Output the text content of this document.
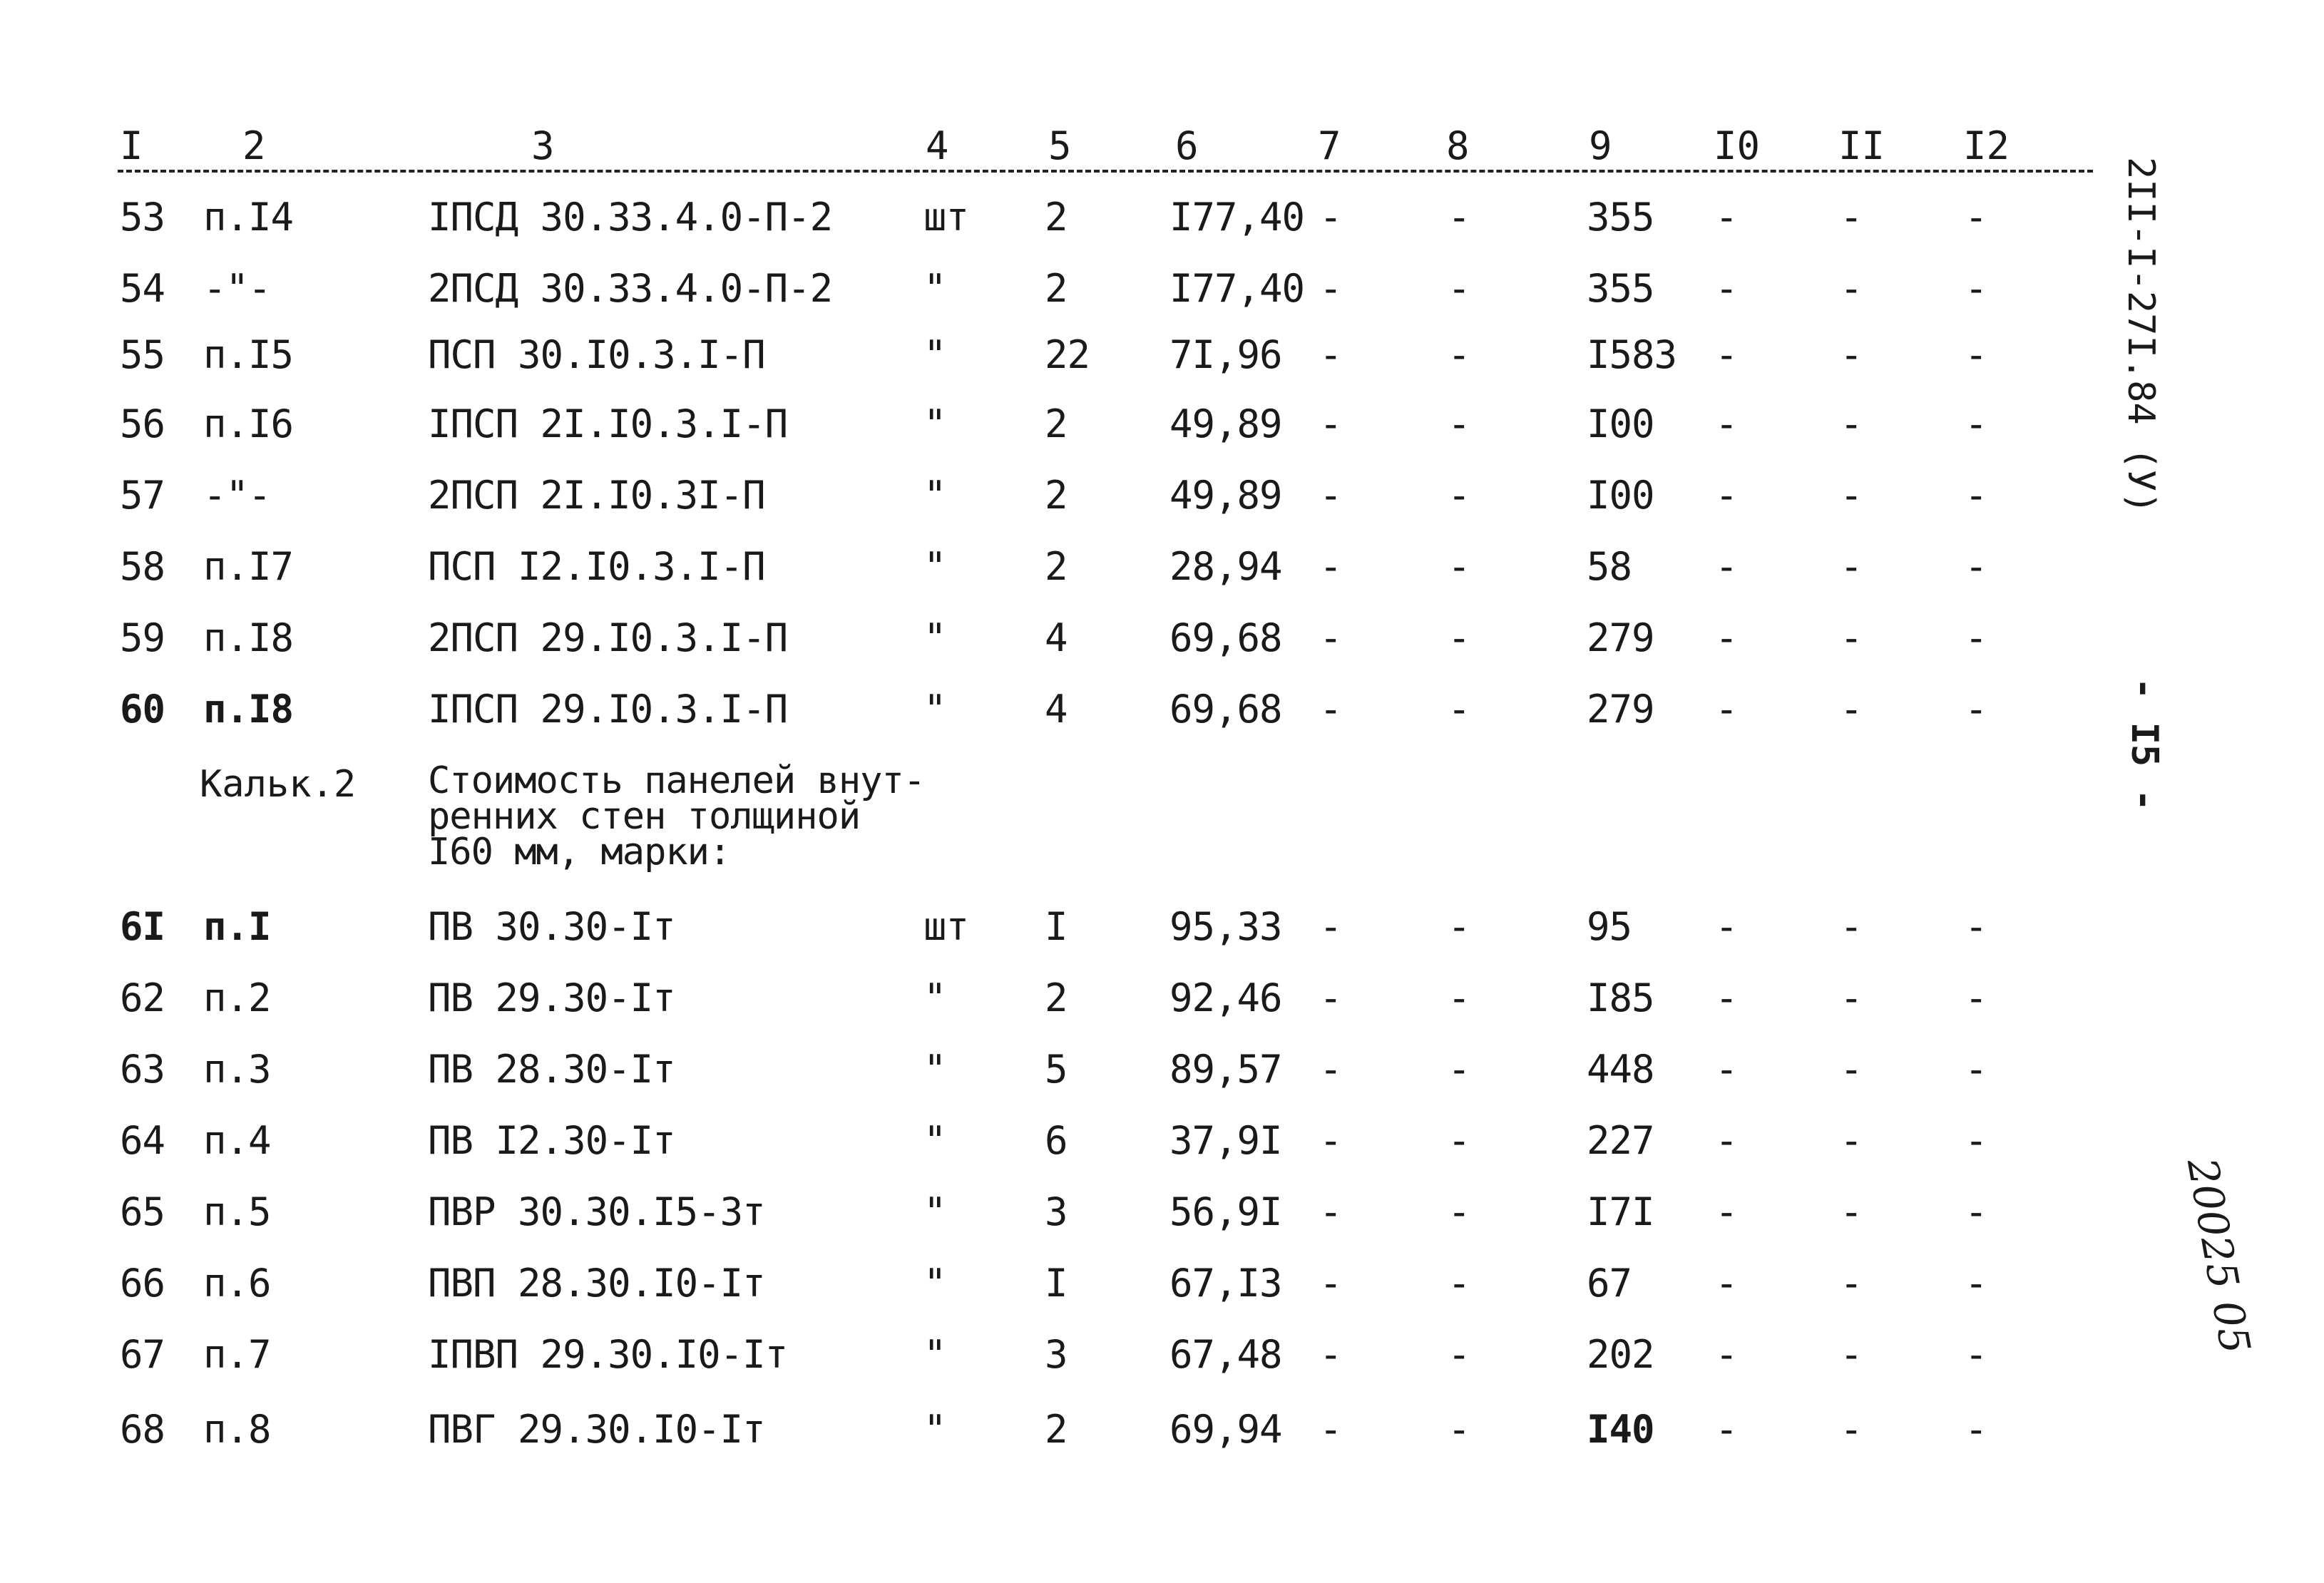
I	2	3	4	5	6	7	8	9	I0 II I2
53 п.I4	IПСД 30.33.4.0-П-2 шт 2	I77,40 -	-	355 -	-	-
54 -"-	2ПСД 30.33.4.0-П-2 "	2	I77,40 -	-	355 -	-	-
55 п.I5	ПСП 30.I0.3.I-П	"	22 7I,96 -	-	I583 -	-	-
56 п.I6	IПСП 2I.I0.3.I-П	"	2	49,89 -	-	I00 -	-	-
57 -"-	2ПСП 2I.I0.3I-П	"	2	49,89 -	-	I00 -	-	-
58 п.I7	ПСП I2.I0.3.I-П	"	2	28,94 -	-	58 -	-	-
59 п.I8	2ПСП 29.I0.3.I-П	"	4	69,68 -	-	279 -	-	-
60 п.I8	IПСП 29.I0.3.I-П	"	4	69,68 -	-	279 -	-	-
Кальк.2 Стоимость панелей внут-
ренних стен толщиной
I60 мм, марки:
6I п.I	ПВ 30.30-Iт	шт I	95,33 -	-	95 -	-	-
62 п.2	ПВ 29.30-Iт	"	2	92,46 -	-	I85 -	-	-
63 п.3	ПВ 28.30-Iт	"	5	89,57 -	-	448 -	-	-
64 п.4	ПВ I2.30-Iт	"	6	37,9I -	-	227 -	-	-
65 п.5	ПВР 30.30.I5-3т	"	3	56,9I -	-	I7I -	-	-
66 п.6	ПВП 28.30.I0-Iт	"	I	67,I3 -	-	67 -	-	-
67 п.7	IПВП 29.30.I0-Iт	"	3	67,48 -	-	202 -	-	-
68 п.8	ПВГ 29.30.I0-Iт	"	2	69,94 -	-	I40 -	-	-
2II-I-27I.84 (У)
- I5 -
20025 05
